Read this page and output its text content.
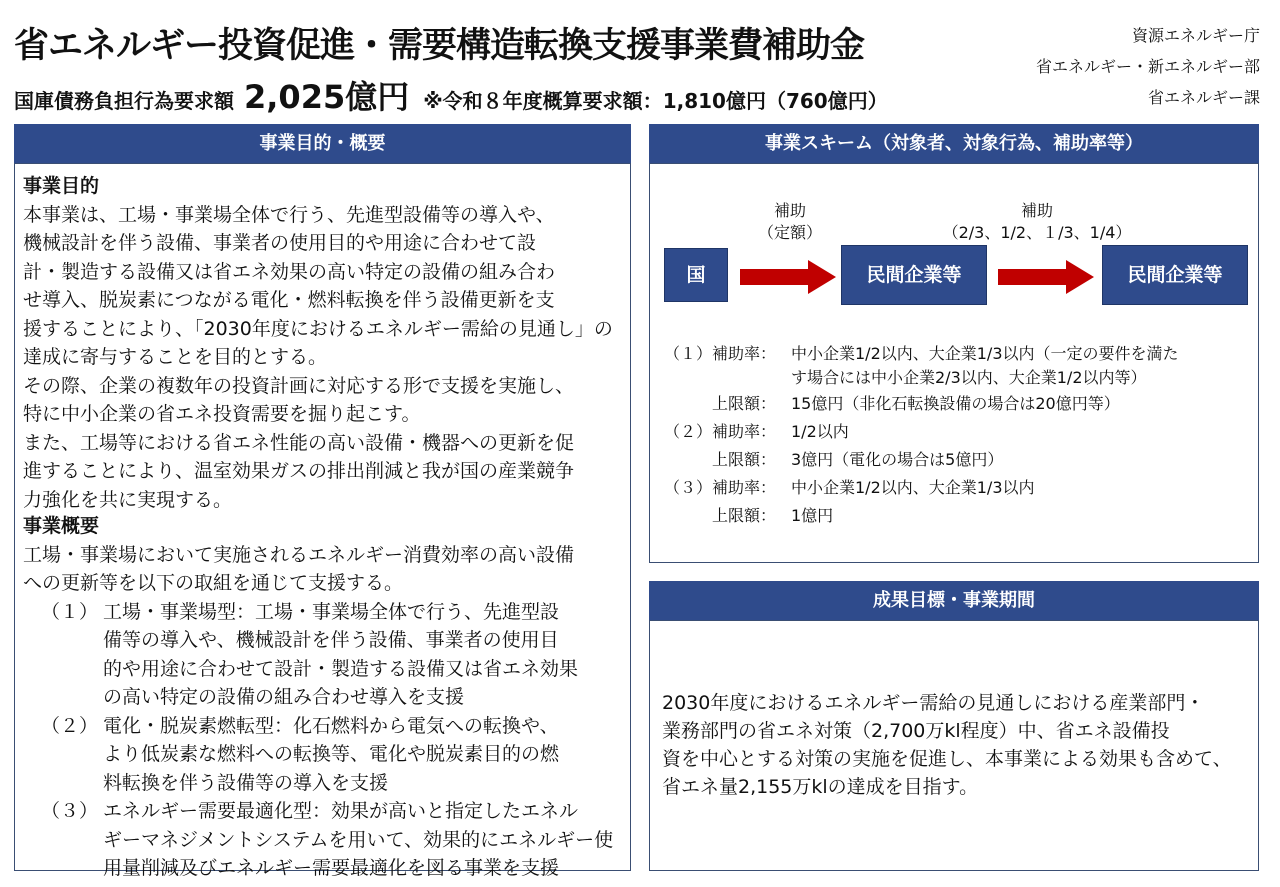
省エネルギー投資促進・需要構造転換支援事業費補助金
国庫債務負担行為要求額 2,025億円 ※令和８年度概算要求額：1,810億円（760億円）
資源エネルギー庁
省エネルギー・新エネルギー部
省エネルギー課
事業目的・概要
事業目的
本事業は、工場・事業場全体で行う、先進型設備等の導入や、
機械設計を伴う設備、事業者の使用目的や用途に合わせて設
計・製造する設備又は省エネ効果の高い特定の設備の組み合わ
せ導入、脱炭素につながる電化・燃料転換を伴う設備更新を支
援することにより、「2030年度におけるエネルギー需給の見通し」の
達成に寄与することを目的とする。
その際、企業の複数年の投資計画に対応する形で支援を実施し、
特に中小企業の省エネ投資需要を掘り起こす。
また、工場等における省エネ性能の高い設備・機器への更新を促
進することにより、温室効果ガスの排出削減と我が国の産業競争
力強化を共に実現する。
事業概要
工場・事業場において実施されるエネルギー消費効率の高い設備
への更新等を以下の取組を通じて支援する。
（１） 工場・事業場型：工場・事業場全体で行う、先進型設
備等の導入や、機械設計を伴う設備、事業者の使用目
的や用途に合わせて設計・製造する設備又は省エネ効果
の高い特定の設備の組み合わせ導入を支援
（２） 電化・脱炭素燃転型：化石燃料から電気への転換や、
より低炭素な燃料への転換等、電化や脱炭素目的の燃
料転換を伴う設備等の導入を支援
（３） エネルギー需要最適化型：効果が高いと指定したエネル
ギーマネジメントシステムを用いて、効果的にエネルギー使
用量削減及びエネルギー需要最適化を図る事業を支援
事業スキーム（対象者、対象行為、補助率等）
補助
（定額）
補助
（2/3、1/2、１/3、1/4）
国	民間企業等	民間企業等
（１） 補助率： 中小企業1/2以内、大企業1/3以内（一定の要件を満た
す場合には中小企業2/3以内、大企業1/2以内等）
上限額： 15億円（非化石転換設備の場合は20億円等）
（２） 補助率： 1/2以内
上限額： 3億円（電化の場合は5億円）
（３） 補助率： 中小企業1/2以内、大企業1/3以内
上限額： 1億円
成果目標・事業期間
2030年度におけるエネルギー需給の見通しにおける産業部門・
業務部門の省エネ対策（2,700万kl程度）中、省エネ設備投
資を中心とする対策の実施を促進し、本事業による効果も含めて、
省エネ量2,155万klの達成を目指す。
